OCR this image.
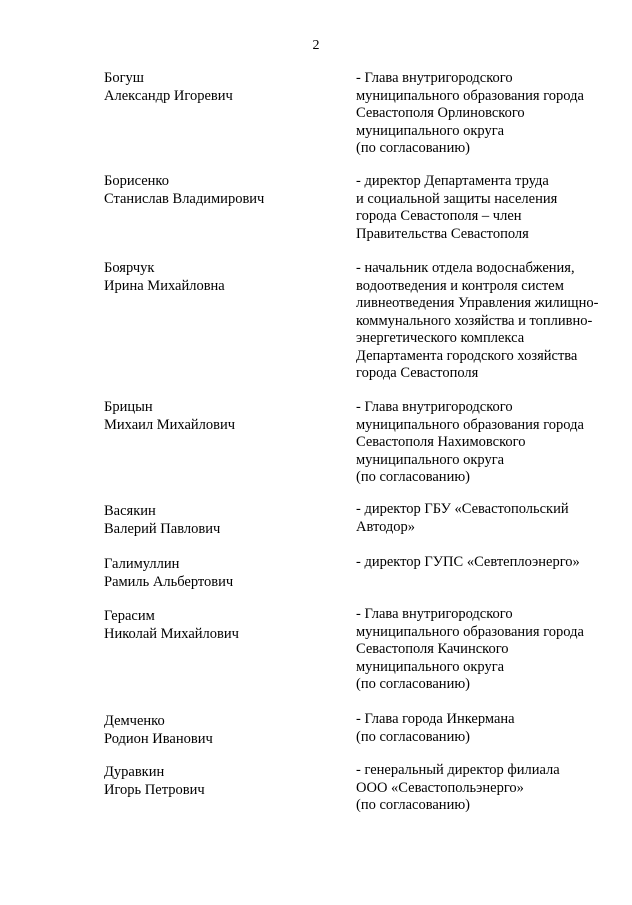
2
Богуш
Александр Игоревич
- Глава внутригородского
муниципального образования города
Севастополя Орлиновского
муниципального округа
(по согласованию)
Борисенко
Станислав Владимирович
- директор Департамента труда
и социальной защиты населения
города Севастополя – член
Правительства Севастополя
Боярчук
Ирина Михайловна
- начальник отдела водоснабжения,
водоотведения и контроля систем
ливнеотведения Управления жилищно-
коммунального хозяйства и топливно-
энергетического комплекса
Департамента городского хозяйства
города Севастополя
Брицын
Михаил Михайлович
- Глава внутригородского
муниципального образования города
Севастополя Нахимовского
муниципального округа
(по согласованию)
Васякин
Валерий Павлович
- директор ГБУ «Севастопольский
Автодор»
Галимуллин
Рамиль Альбертович
- директор ГУПС «Севтеплоэнерго»
Герасим
Николай Михайлович
- Глава внутригородского
муниципального образования города
Севастополя Качинского
муниципального округа
(по согласованию)
Демченко
Родион Иванович
- Глава города Инкермана
(по согласованию)
Дуравкин
Игорь Петрович
- генеральный директор филиала
ООО «Севастопольэнерго»
(по согласованию)
